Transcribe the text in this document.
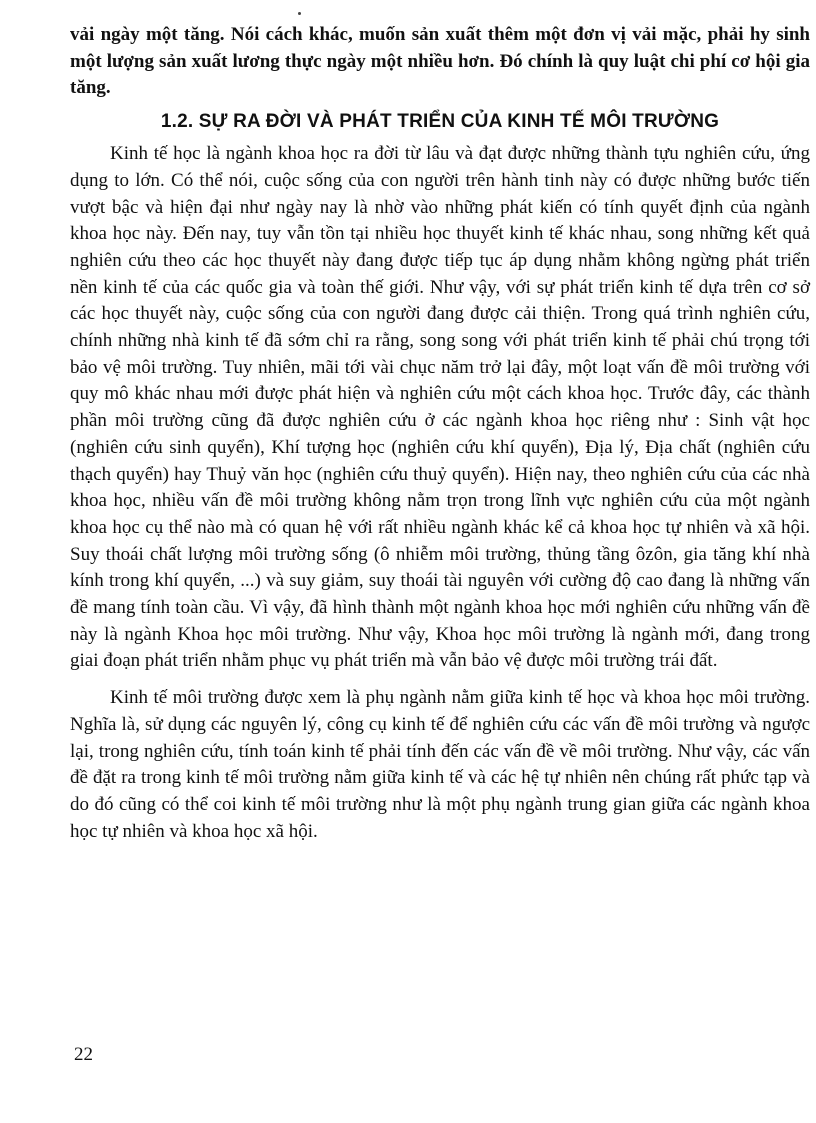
vải ngày một tăng. Nói cách khác, muốn sản xuất thêm một đơn vị vải mặc, phải hy sinh một lượng sản xuất lương thực ngày một nhiều hơn. Đó chính là quy luật chi phí cơ hội gia tăng.

1.2. SỰ RA ĐỜI VÀ PHÁT TRIỂN CỦA KINH TẾ MÔI TRƯỜNG

Kinh tế học là ngành khoa học ra đời từ lâu và đạt được những thành tựu nghiên cứu, ứng dụng to lớn. Có thể nói, cuộc sống của con người trên hành tinh này có được những bước tiến vượt bậc và hiện đại như ngày nay là nhờ vào những phát kiến có tính quyết định của ngành khoa học này. Đến nay, tuy vẫn tồn tại nhiều học thuyết kinh tế khác nhau, song những kết quả nghiên cứu theo các học thuyết này đang được tiếp tục áp dụng nhằm không ngừng phát triển nền kinh tế của các quốc gia và toàn thế giới. Như vậy, với sự phát triển kinh tế dựa trên cơ sở các học thuyết này, cuộc sống của con người đang được cải thiện. Trong quá trình nghiên cứu, chính những nhà kinh tế đã sớm chỉ ra rằng, song song với phát triển kinh tế phải chú trọng tới bảo vệ môi trường. Tuy nhiên, mãi tới vài chục năm trở lại đây, một loạt vấn đề môi trường với quy mô khác nhau mới được phát hiện và nghiên cứu một cách khoa học. Trước đây, các thành phần môi trường cũng đã được nghiên cứu ở các ngành khoa học riêng như : Sinh vật học (nghiên cứu sinh quyển), Khí tượng học (nghiên cứu khí quyển), Địa lý, Địa chất (nghiên cứu thạch quyển) hay Thuỷ văn học (nghiên cứu thuỷ quyển). Hiện nay, theo nghiên cứu của các nhà khoa học, nhiều vấn đề môi trường không nằm trọn trong lĩnh vực nghiên cứu của một ngành khoa học cụ thể nào mà có quan hệ với rất nhiều ngành khác kể cả khoa học tự nhiên và xã hội. Suy thoái chất lượng môi trường sống (ô nhiễm môi trường, thủng tầng ôzôn, gia tăng khí nhà kính trong khí quyển, ...) và suy giảm, suy thoái tài nguyên với cường độ cao đang là những vấn đề mang tính toàn cầu. Vì vậy, đã hình thành một ngành khoa học mới nghiên cứu những vấn đề này là ngành Khoa học môi trường. Như vậy, Khoa học môi trường là ngành mới, đang trong giai đoạn phát triển nhằm phục vụ phát triển mà vẫn bảo vệ được môi trường trái đất.

Kinh tế môi trường được xem là phụ ngành nằm giữa kinh tế học và khoa học môi trường. Nghĩa là, sử dụng các nguyên lý, công cụ kinh tế để nghiên cứu các vấn đề môi trường và ngược lại, trong nghiên cứu, tính toán kinh tế phải tính đến các vấn đề về môi trường. Như vậy, các vấn đề đặt ra trong kinh tế môi trường nằm giữa kinh tế và các hệ tự nhiên nên chúng rất phức tạp và do đó cũng có thể coi kinh tế môi trường như là một phụ ngành trung gian giữa các ngành khoa học tự nhiên và khoa học xã hội.

22
